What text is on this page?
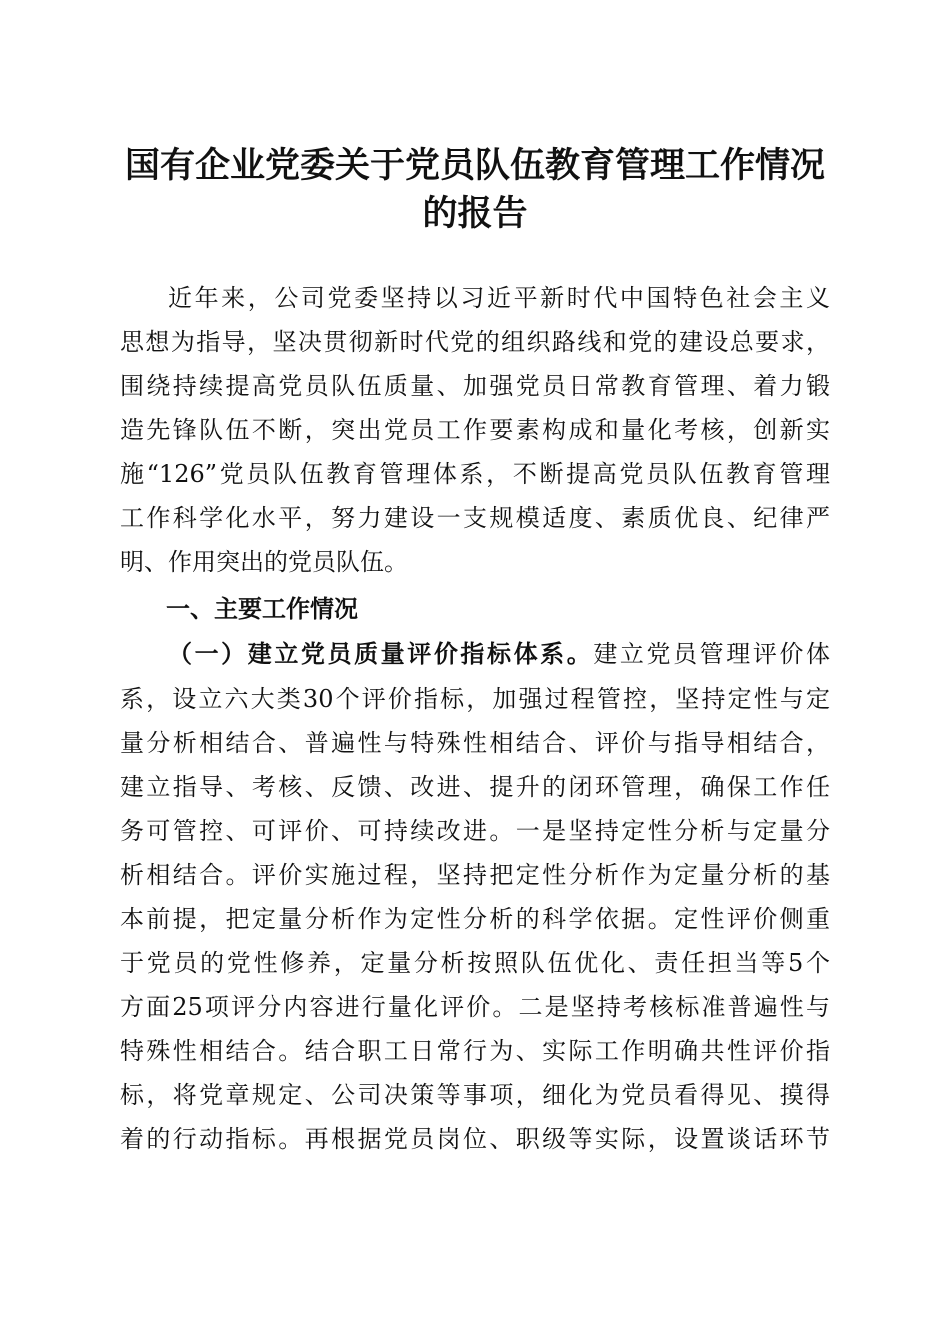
国有企业党委关于党员队伍教育管理工作情况
的报告
近年来，公司党委坚持以习近平新时代中国特色社会主义
思想为指导，坚决贯彻新时代党的组织路线和党的建设总要求，
围绕持续提高党员队伍质量、加强党员日常教育管理、着力锻
造先锋队伍不断，突出党员工作要素构成和量化考核，创新实
施“126”党员队伍教育管理体系，不断提高党员队伍教育管理
工作科学化水平，努力建设一支规模适度、素质优良、纪律严
明、作用突出的党员队伍。
一、主要工作情况
（一）建立党员质量评价指标体系。建立党员管理评价体
系，设立六大类30个评价指标，加强过程管控，坚持定性与定
量分析相结合、普遍性与特殊性相结合、评价与指导相结合，
建立指导、考核、反馈、改进、提升的闭环管理，确保工作任
务可管控、可评价、可持续改进。一是坚持定性分析与定量分
析相结合。评价实施过程，坚持把定性分析作为定量分析的基
本前提，把定量分析作为定性分析的科学依据。定性评价侧重
于党员的党性修养，定量分析按照队伍优化、责任担当等5个
方面25项评分内容进行量化评价。二是坚持考核标准普遍性与
特殊性相结合。结合职工日常行为、实际工作明确共性评价指
标，将党章规定、公司决策等事项，细化为党员看得见、摸得
着的行动指标。再根据党员岗位、职级等实际，设置谈话环节
